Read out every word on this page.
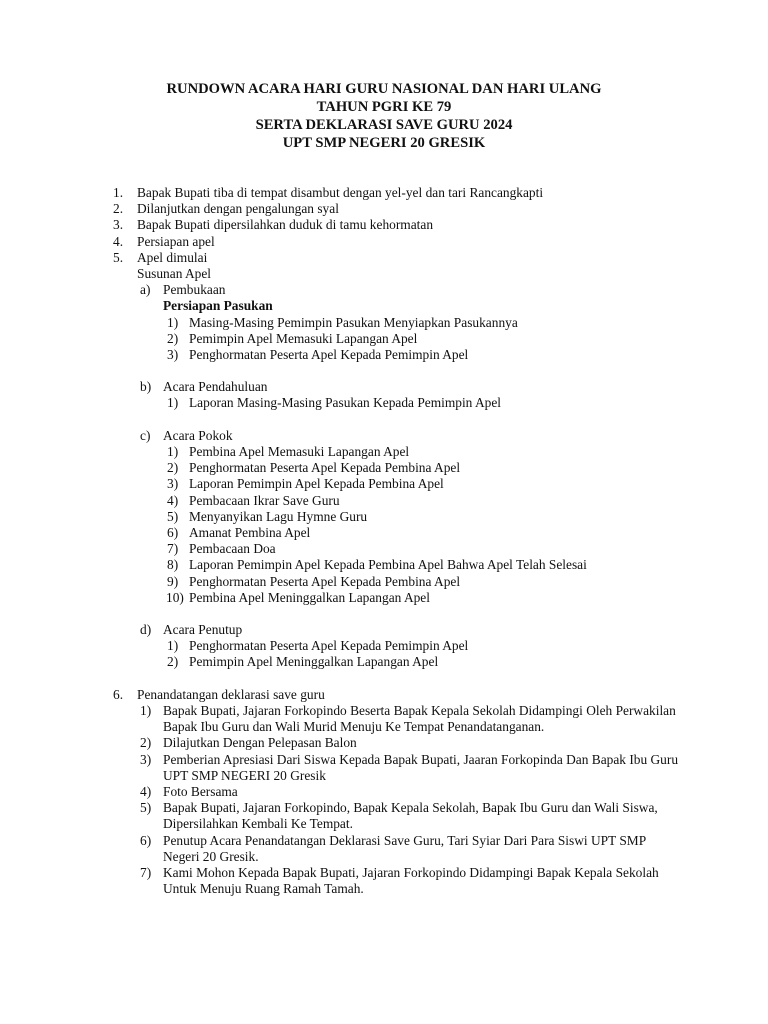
RUNDOWN ACARA HARI GURU NASIONAL DAN HARI ULANG
TAHUN PGRI KE 79
SERTA DEKLARASI SAVE GURU 2024
UPT SMP NEGERI 20 GRESIK
1. Bapak Bupati tiba di tempat disambut dengan yel-yel dan tari Rancangkapti
2. Dilanjutkan dengan pengalungan syal
3. Bapak Bupati dipersilahkan duduk di tamu kehormatan
4. Persiapan apel
5. Apel dimulai
Susunan Apel
a) Pembukaan
Persiapan Pasukan
1) Masing-Masing Pemimpin Pasukan Menyiapkan Pasukannya
2) Pemimpin Apel Memasuki Lapangan Apel
3) Penghormatan Peserta Apel Kepada Pemimpin Apel
b) Acara Pendahuluan
1) Laporan Masing-Masing Pasukan Kepada Pemimpin Apel
c) Acara Pokok
1) Pembina Apel Memasuki Lapangan Apel
2) Penghormatan Peserta Apel Kepada Pembina Apel
3) Laporan Pemimpin Apel Kepada Pembina Apel
4) Pembacaan Ikrar Save Guru
5) Menyanyikan Lagu Hymne Guru
6) Amanat Pembina Apel
7) Pembacaan Doa
8) Laporan Pemimpin Apel Kepada Pembina Apel Bahwa Apel Telah Selesai
9) Penghormatan Peserta Apel Kepada Pembina Apel
10) Pembina Apel Meninggalkan Lapangan Apel
d) Acara Penutup
1) Penghormatan Peserta Apel Kepada Pemimpin Apel
2) Pemimpin Apel Meninggalkan Lapangan Apel
6. Penandatangan deklarasi save guru
1) Bapak Bupati, Jajaran Forkopindo Beserta Bapak Kepala Sekolah Didampingi Oleh Perwakilan Bapak Ibu Guru dan Wali Murid Menuju Ke Tempat Penandatanganan.
2) Dilajutkan Dengan Pelepasan Balon
3) Pemberian Apresiasi Dari Siswa Kepada Bapak Bupati, Jaaran Forkopinda Dan Bapak Ibu Guru UPT SMP NEGERI 20 Gresik
4) Foto Bersama
5) Bapak Bupati, Jajaran Forkopindo, Bapak Kepala Sekolah, Bapak Ibu Guru dan Wali Siswa, Dipersilahkan Kembali Ke Tempat.
6) Penutup Acara Penandatangan Deklarasi Save Guru, Tari Syiar Dari Para Siswi UPT SMP Negeri 20 Gresik.
7) Kami Mohon Kepada Bapak Bupati, Jajaran Forkopindo Didampingi Bapak Kepala Sekolah Untuk Menuju Ruang Ramah Tamah.
